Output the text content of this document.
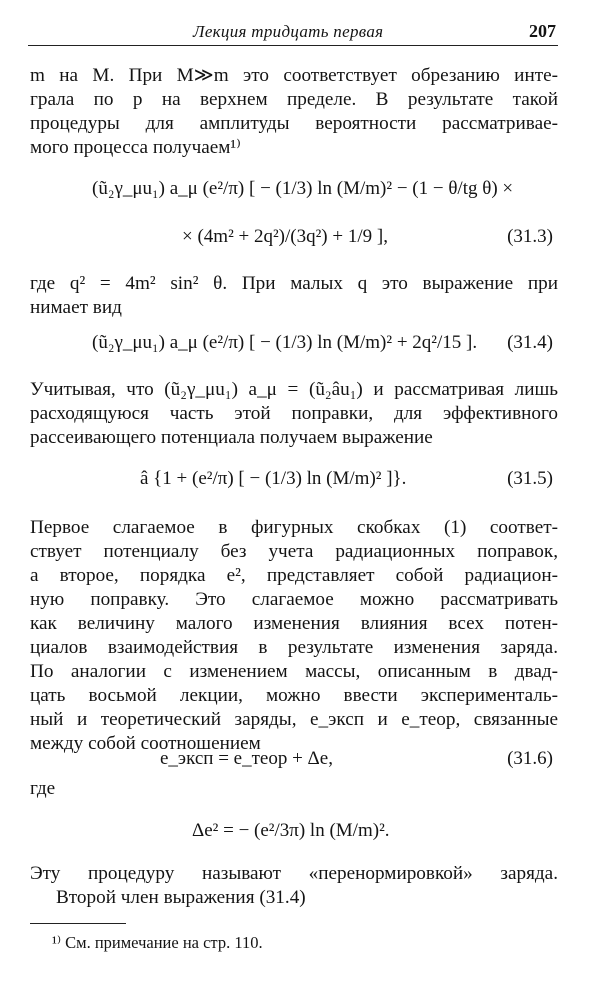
Лекция тридцать первая	207
m на M. При M≫m это соответствует обрезанию инте-
грала по p на верхнем пределе. В результате такой
процедуры для амплитуды вероятности рассматривае-
мого процесса получаем¹⁾
(ũ₂γ_μu₁) a_μ (e²/π) [ − (1/3) ln (M/m)² − (1 − θ/tg θ) ×
× (4m² + 2q²)/(3q²) + 1/9 ],	(31.3)
где q² = 4m² sin² θ. При малых q это выражение при
нимает вид
(ũ₂γ_μu₁) a_μ (e²/π) [ − (1/3) ln (M/m)² + 2q²/15 ]. (31.4)
Учитывая, что (ũ₂γ_μu₁) a_μ = (ũ₂âu₁) и рассматривая лишь
расходящуюся часть этой поправки, для эффективного
рассеивающего потенциала получаем выражение
â {1 + (e²/π) [ − (1/3) ln (M/m)² ]}.	(31.5)
Первое слагаемое в фигурных скобках (1) соответ-
ствует потенциалу без учета радиационных поправок,
а второе, порядка e², представляет собой радиацион-
ную поправку. Это слагаемое можно рассматривать
как величину малого изменения влияния всех потен-
циалов взаимодействия в результате изменения заряда.
По аналогии с изменением массы, описанным в двад-
цать восьмой лекции, можно ввести эксперименталь-
ный и теоретический заряды, e_эксп и e_теор, связанные
между собой соотношением
e_эксп = e_теор + Δe,	(31.6)
где
Δe² = − (e²/3π) ln (M/m)².
Эту процедуру называют «перенормировкой» заряда.
Второй член выражения (31.4)
¹⁾ См. примечание на стр. 110.
